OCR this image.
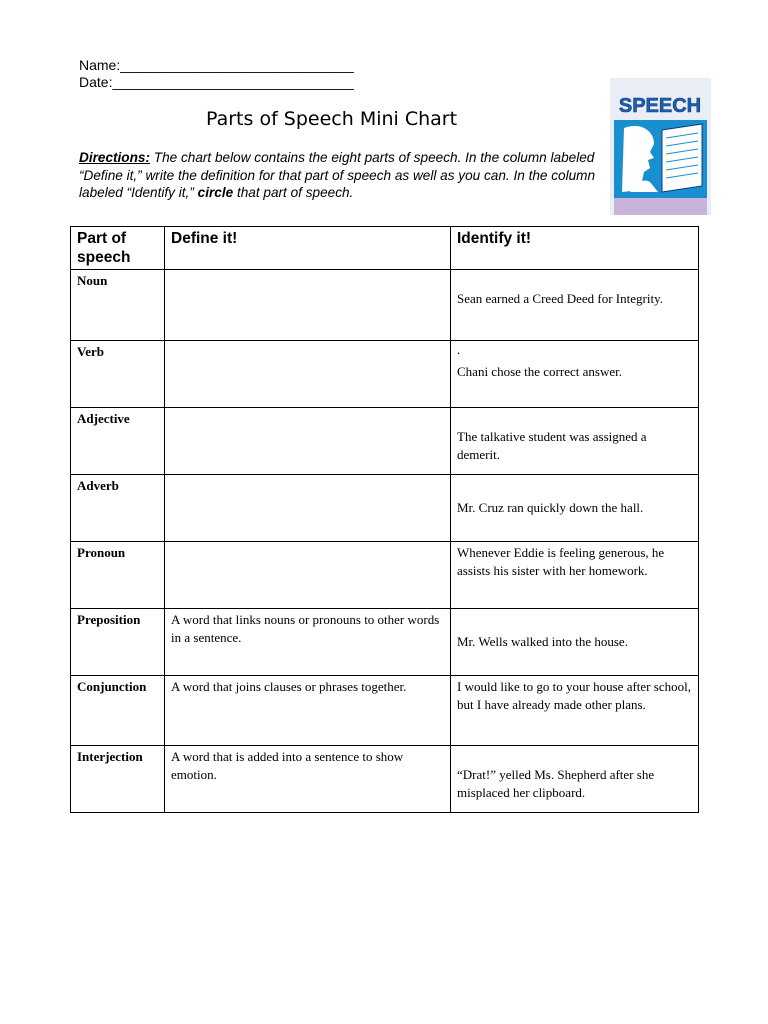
Name:______________________________
Date:_______________________________
Parts of Speech Mini Chart
Directions: The chart below contains the eight parts of speech. In the column labeled “Define it,” write the definition for that part of speech as well as you can. In the column labeled “Identify it,” circle that part of speech.
SPEECH
Part of speech	Define it!	Identify it!
Noun		Sean earned a Creed Deed for Integrity.

Verb		.
Chani chose the correct answer.

Adjective		The talkative student was assigned a demerit.

Adverb		Mr. Cruz ran quickly down the hall.

Pronoun		Whenever Eddie is feeling generous, he assists his sister with her homework.

Preposition	A word that links nouns or pronouns to other words in a sentence.	Mr. Wells walked into the house.

Conjunction	A word that joins clauses or phrases together.	I would like to go to your house after school, but I have already made other plans.

Interjection	A word that is added into a sentence to show emotion.	“Drat!” yelled Ms. Shepherd after she misplaced her clipboard.
